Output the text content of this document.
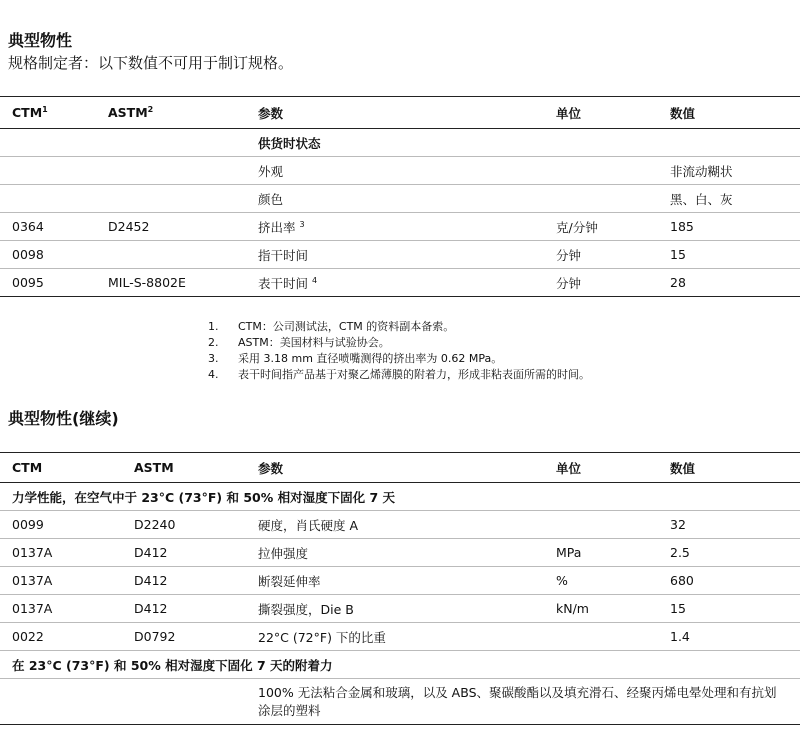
典型物性
规格制定者：以下数值不可用于制订规格。
CTM$^1$	ASTM$^2$	参数	单位	数值
		供货时状态		
		外观		非流动糊状
		颜色		黑、白、灰
0364	D2452	挤出率 $^3$	克/分钟	185
0098		指干时间	分钟	15
0095	MIL-S-8802E	表干时间 $^4$	分钟	28
1.	CTM：公司测试法，CTM 的资料副本备索。
2.	ASTM：美国材料与试验协会。
3.	采用 3.18 mm 直径喷嘴测得的挤出率为 0.62 MPa。
4.	表干时间指产品基于对聚乙烯薄膜的附着力，形成非粘表面所需的时间。
典型物性(继续)
CTM	ASTM	参数	单位	数值
力学性能，在空气中于 23°C (73°F) 和 50% 相对湿度下固化 7 天				
0099	D2240	硬度，肖氏硬度 A		32
0137A	D412	拉伸强度	MPa	2.5
0137A	D412	断裂延伸率	%	680
0137A	D412	撕裂强度，Die B	kN/m	15
0022	D0792	22°C (72°F) 下的比重		1.4
在 23°C (73°F) 和 50% 相对湿度下固化 7 天的附着力				
		100% 无法粘合金属和玻璃，以及 ABS、聚碳酸酯以及填充滑石、经聚丙烯电晕处理和有抗划涂层的塑料		
